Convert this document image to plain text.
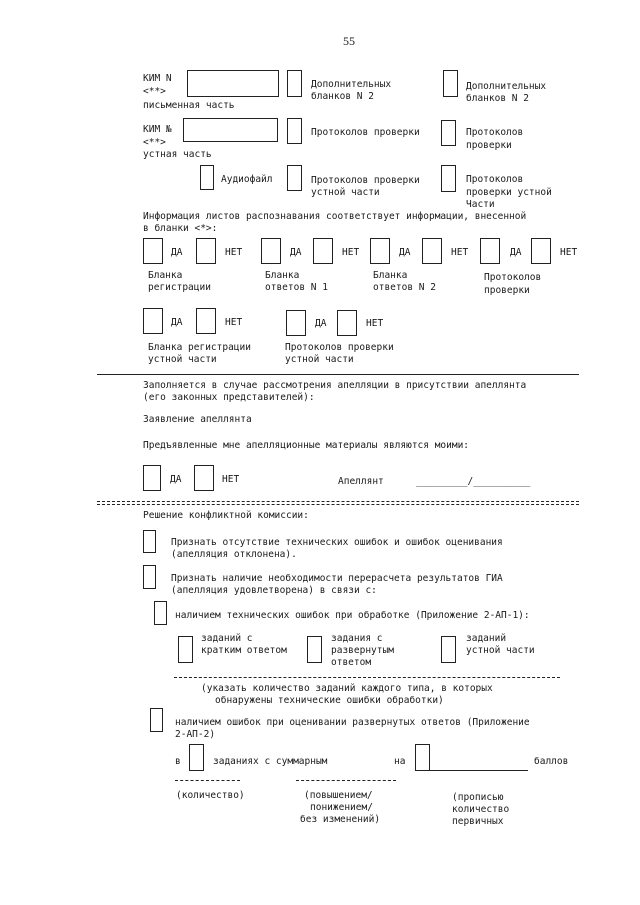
55
КИМ N
<**>
письменная часть
Дополнительных
бланков N 2
Дополнительных
бланков N 2
КИМ №
<**>
устная часть
Протоколов проверки	Протоколов
проверки
Аудиофайл	Протоколов проверки
устной части
Протоколов
проверки устной
Части
Информация листов распознавания соответствует информации, внесенной
в бланки <*>:
ДА	НЕТ	ДА	НЕТ	ДА	НЕТ	ДА	НЕТ
Бланка
регистрации
Бланка
ответов N 1
Бланка
ответов N 2
Протоколов
проверки
ДА	НЕТ	ДА	НЕТ
Бланка регистрации
устной части
Протоколов проверки
устной части
Заполняется в случае рассмотрения апелляции в присутствии апеллянта
(его законных представителей):
Заявление апеллянта
Предъявленные мне апелляционные материалы являются моими:
ДА	НЕТ	Апеллянт	_________/__________
Решение конфликтной комиссии:
Признать отсутствие технических ошибок и ошибок оценивания
(апелляция отклонена).
Признать наличие необходимости перерасчета результатов ГИА
(апелляция удовлетворена) в связи с:
наличием технических ошибок при обработке (Приложение 2-АП-1):
заданий с
кратким ответом
задания с
развернутым
ответом
заданий
устной части
(указать количество заданий каждого типа, в которых
обнаружены технические ошибки обработки)
наличием ошибок при оценивании развернутых ответов (Приложение
2-АП-2)
в	заданиях с суммарным	на	баллов
(количество)	(повышением/
понижением/
без изменений)
(прописью
количество
первичных
